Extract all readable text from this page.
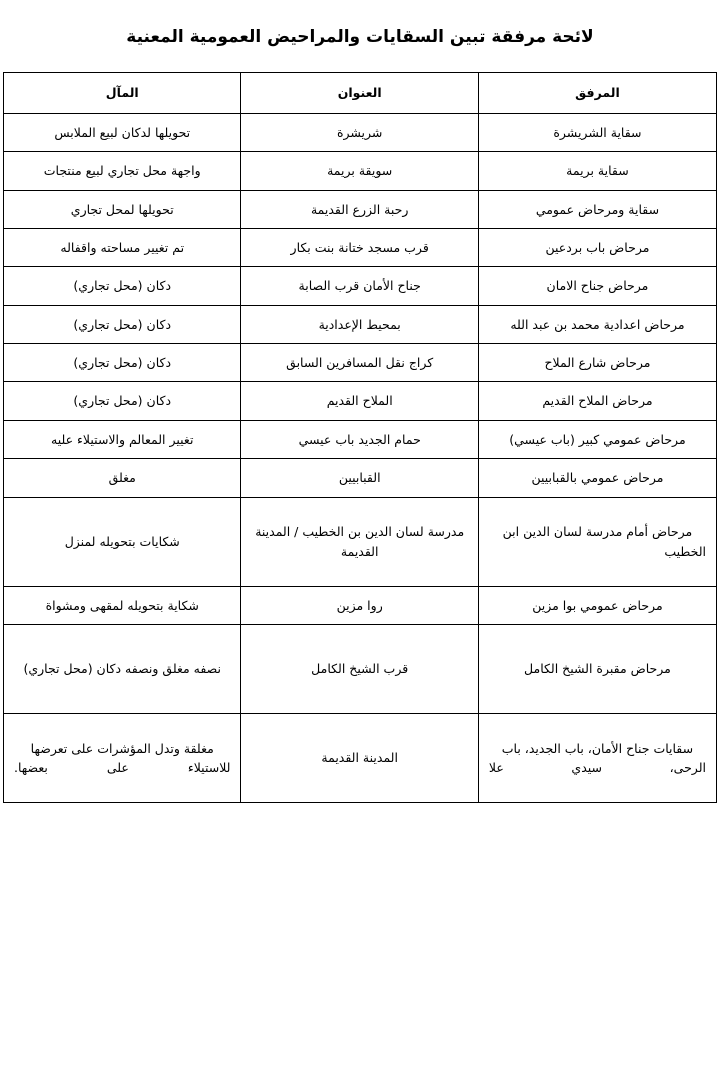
لائحة مرفقة تبين السقايات والمراحيض العمومية المعنية
المرفق	العنوان	المآل
سقاية الشريشرة	شريشرة	تحويلها لدكان لبيع الملابس
سقاية بريمة	سويقة بريمة	واجهة محل تجاري لبيع منتجات
سقاية ومرحاض عمومي	رحبة الزرع القديمة	تحويلها لمحل تجاري
مرحاض باب بردعين	قرب مسجد ختانة بنت بكار	تم تغيير مساحته واقفاله
مرحاض جناح الامان	جناح الأمان قرب الصابة	دكان (محل تجاري)
مرحاض اعدادية محمد بن عبد الله	بمحيط الإعدادية	دكان (محل تجاري)
مرحاض شارع الملاح	كراج نقل المسافرين السابق	دكان (محل تجاري)
مرحاض الملاح القديم	الملاح القديم	دكان (محل تجاري)
مرحاض عمومي كبير (باب عيسي)	حمام الجديد باب عيسي	تغيير المعالم والاستيلاء عليه
مرحاض عمومي بالقبابيين	القبابيين	مغلق
مرحاض أمام مدرسة لسان الدين ابن الخطيب	مدرسة لسان الدين بن الخطيب / المدينة القديمة	شكايات بتحويله لمنزل
مرحاض عمومي بوا مزين	روا مزين	شكاية بتحويله لمقهى ومشواة
مرحاض مقبرة الشيخ الكامل	قرب الشيخ الكامل	نصفه مغلق ونصفه دكان (محل تجاري)
سقايات جناح الأمان، باب الجديد، باب الرحى، سيدي علا	المدينة القديمة	مغلقة وتدل المؤشرات على تعرضها للاستيلاء على بعضها.
